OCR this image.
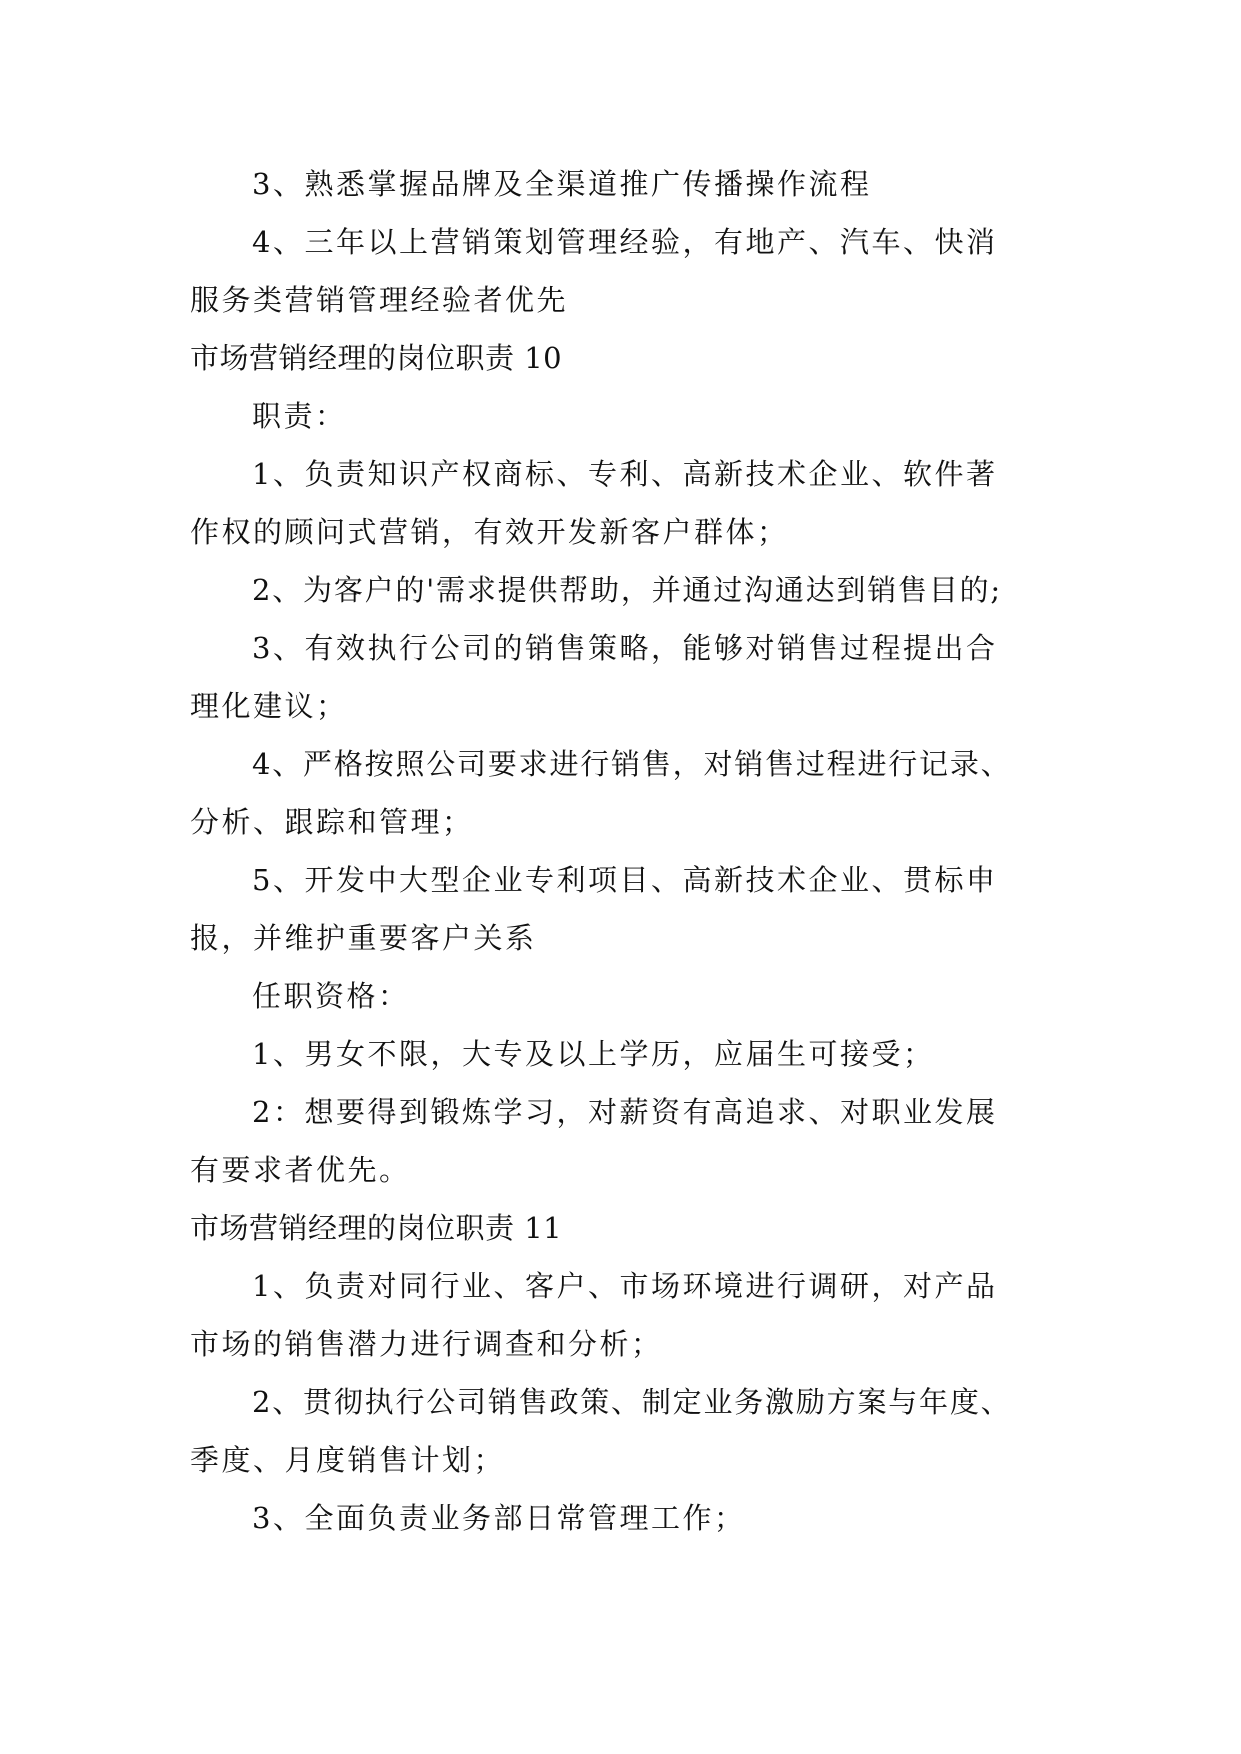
3、熟悉掌握品牌及全渠道推广传播操作流程
4、三年以上营销策划管理经验，有地产、汽车、快消
服务类营销管理经验者优先
市场营销经理的岗位职责 10
职责：
1、负责知识产权商标、专利、高新技术企业、软件著
作权的顾问式营销，有效开发新客户群体；
2、为客户的'需求提供帮助，并通过沟通达到销售目的;
3、有效执行公司的销售策略，能够对销售过程提出合
理化建议；
4、严格按照公司要求进行销售，对销售过程进行记录、
分析、跟踪和管理；
5、开发中大型企业专利项目、高新技术企业、贯标申
报，并维护重要客户关系
任职资格：
1、男女不限，大专及以上学历，应届生可接受；
2：想要得到锻炼学习，对薪资有高追求、对职业发展
有要求者优先。
市场营销经理的岗位职责 11
1、负责对同行业、客户、市场环境进行调研，对产品
市场的销售潜力进行调查和分析；
2、贯彻执行公司销售政策、制定业务激励方案与年度、
季度、月度销售计划；
3、全面负责业务部日常管理工作；
